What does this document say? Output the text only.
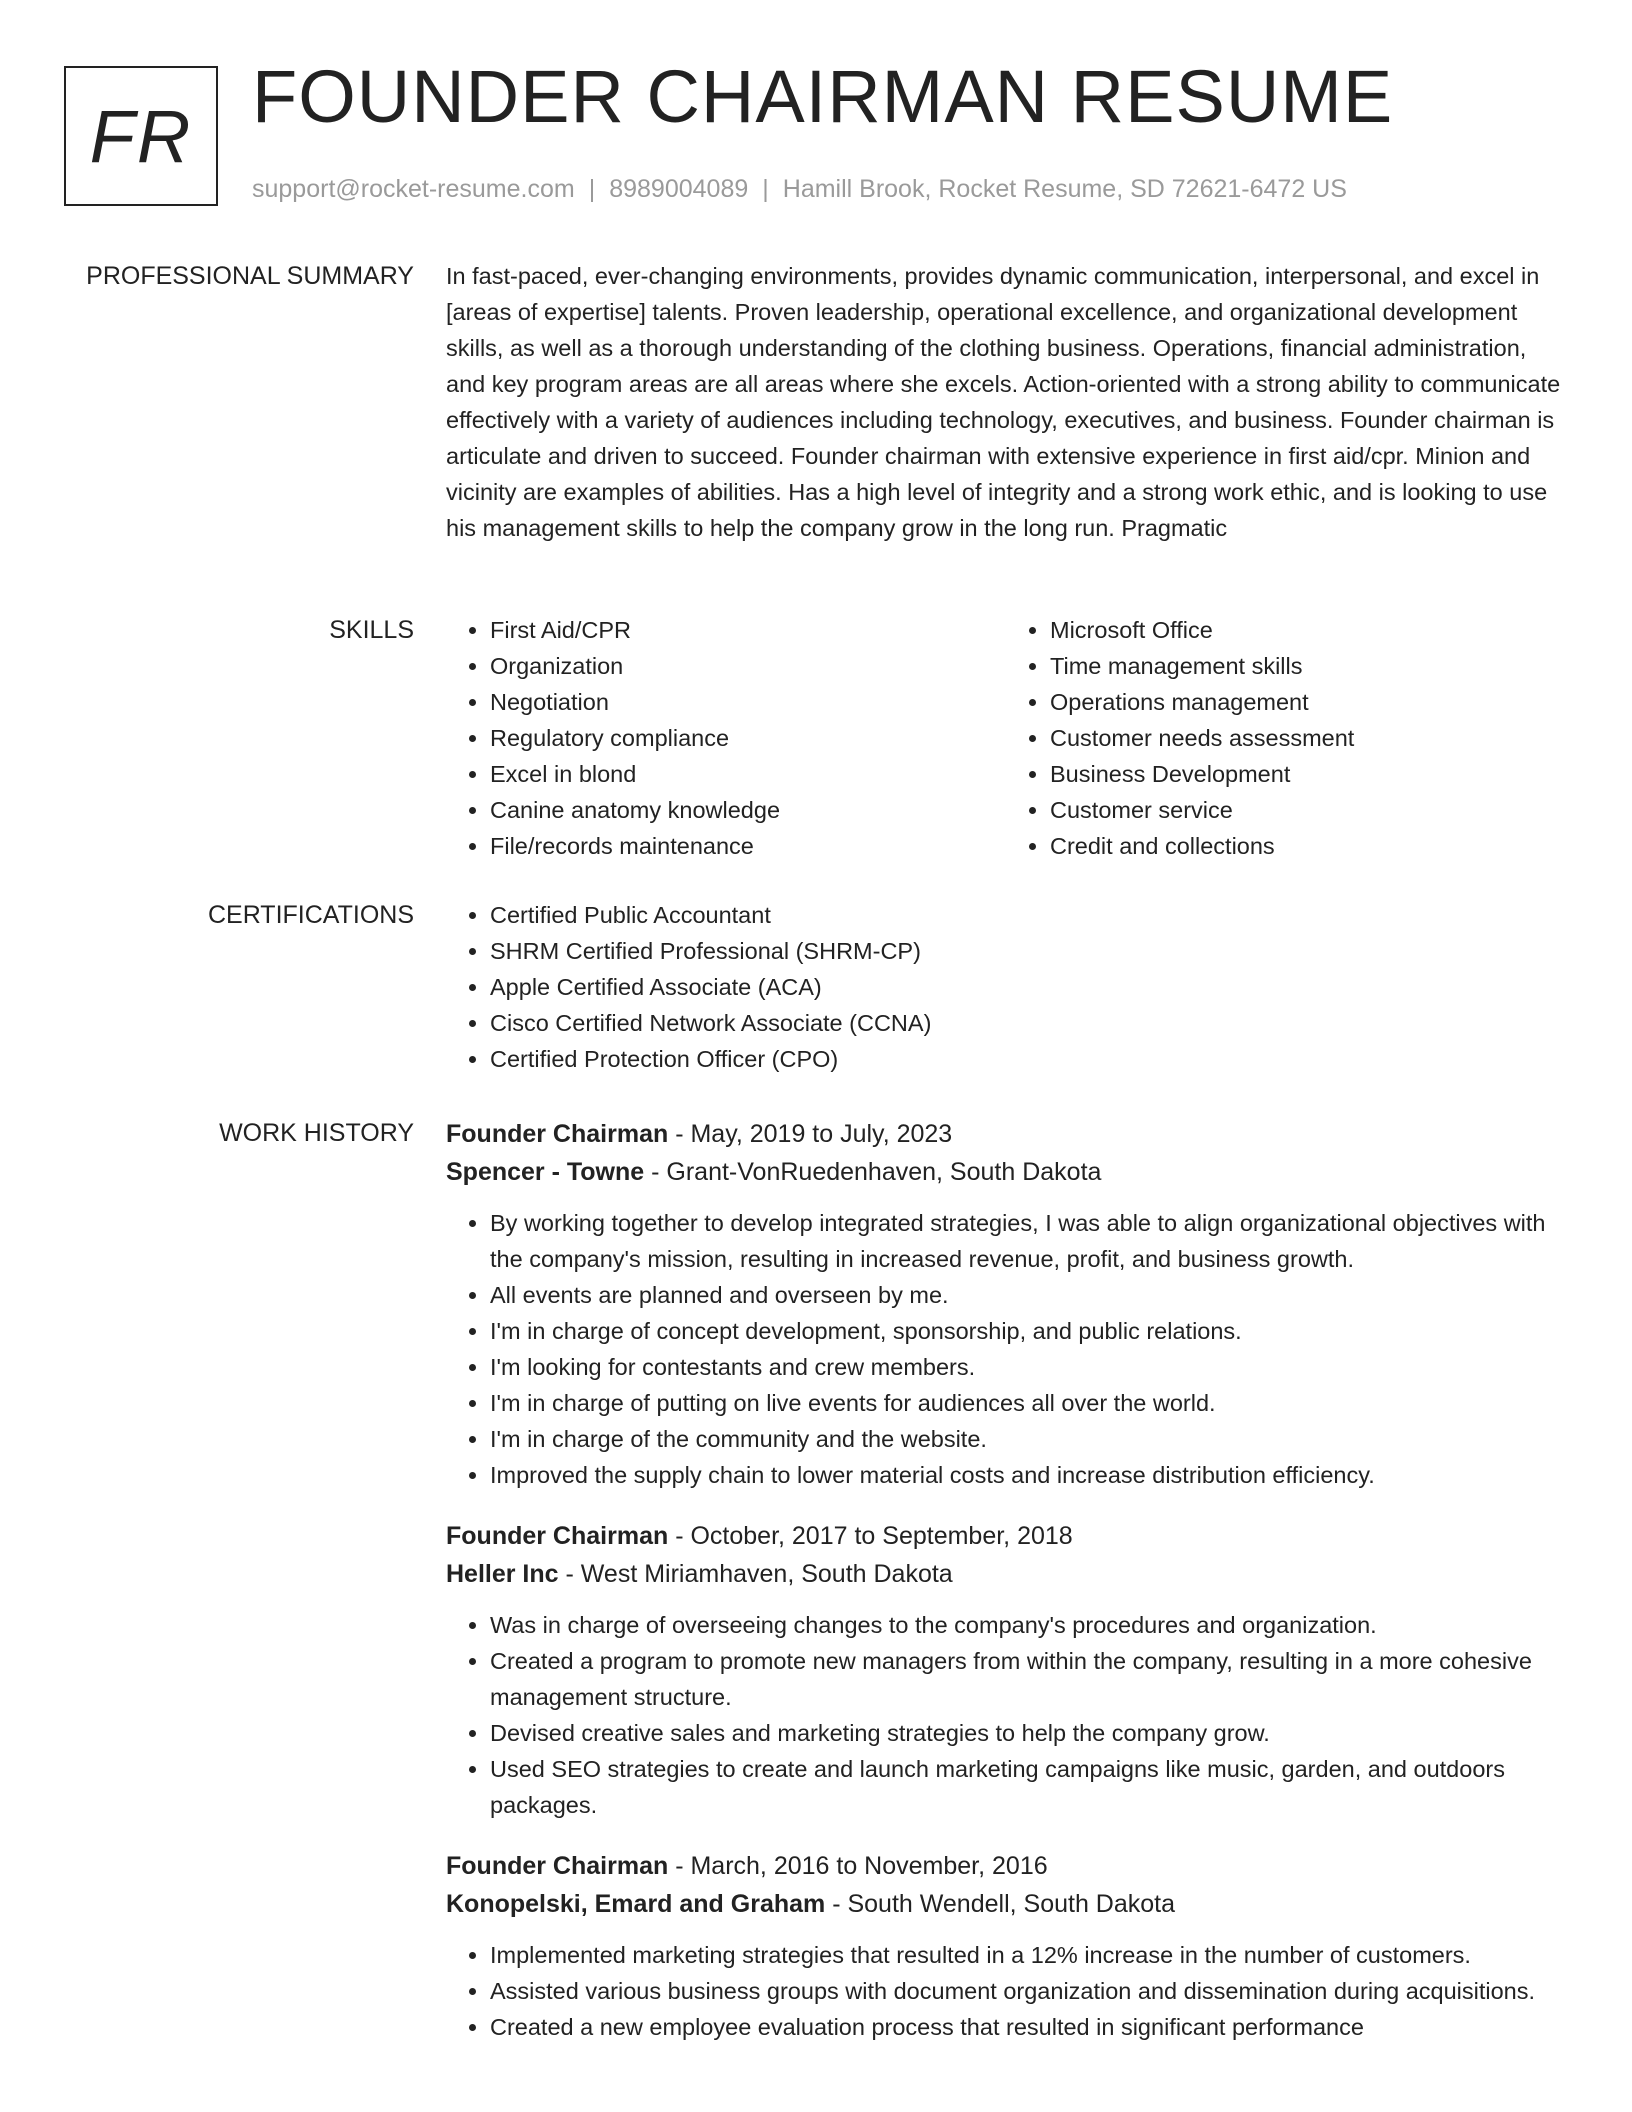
FR FOUNDER CHAIRMAN RESUME
support@rocket-resume.com | 8989004089 | Hamill Brook, Rocket Resume, SD 72621-6472 US
PROFESSIONAL SUMMARY In fast-paced, ever-changing environments, provides dynamic communication, interpersonal, and excel in [areas of expertise] talents. Proven leadership, operational excellence, and organizational development skills, as well as a thorough understanding of the clothing business. Operations, financial administration, and key program areas are all areas where she excels. Action-oriented with a strong ability to communicate effectively with a variety of audiences including technology, executives, and business. Founder chairman is articulate and driven to succeed. Founder chairman with extensive experience in first aid/cpr. Minion and vicinity are examples of abilities. Has a high level of integrity and a strong work ethic, and is looking to use his management skills to help the company grow in the long run. Pragmatic

SKILLS	• First Aid/CPR
• Organization
• Negotiation
• Regulatory compliance
• Excel in blond
• Canine anatomy knowledge
• File/records maintenance
• Microsoft Office
• Time management skills
• Operations management
• Customer needs assessment
• Business Development
• Customer service
• Credit and collections
CERTIFICATIONS	• Certified Public Accountant
• SHRM Certified Professional (SHRM-CP)
• Apple Certified Associate (ACA)
• Cisco Certified Network Associate (CCNA)
• Certified Protection Officer (CPO)
WORK HISTORY Founder Chairman - May, 2019 to July, 2023
Spencer - Towne - Grant-VonRuedenhaven, South Dakota
• By working together to develop integrated strategies, I was able to align organizational objectives with the company's mission, resulting in increased revenue, profit, and business growth.
• All events are planned and overseen by me.
• I'm in charge of concept development, sponsorship, and public relations.
• I'm looking for contestants and crew members.
• I'm in charge of putting on live events for audiences all over the world.
• I'm in charge of the community and the website.
• Improved the supply chain to lower material costs and increase distribution efficiency.
Founder Chairman - October, 2017 to September, 2018
Heller Inc - West Miriamhaven, South Dakota
• Was in charge of overseeing changes to the company's procedures and organization.
• Created a program to promote new managers from within the company, resulting in a more cohesive management structure.
• Devised creative sales and marketing strategies to help the company grow.
• Used SEO strategies to create and launch marketing campaigns like music, garden, and outdoors packages.
Founder Chairman - March, 2016 to November, 2016
Konopelski, Emard and Graham - South Wendell, South Dakota
• Implemented marketing strategies that resulted in a 12% increase in the number of customers.
• Assisted various business groups with document organization and dissemination during acquisitions.
• Created a new employee evaluation process that resulted in significant performance
